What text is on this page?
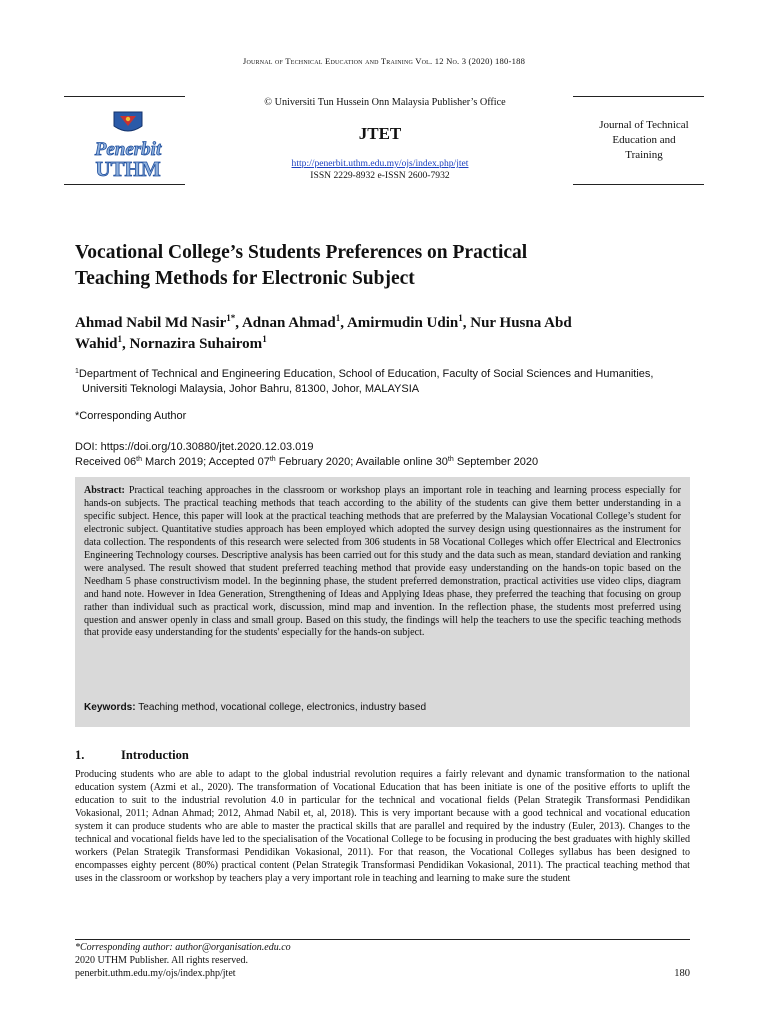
Journal of Technical Education and Training Vol. 12 No. 3 (2020) 180-188
Penerbit
UTHM
© Universiti Tun Hussein Onn Malaysia Publisher’s Office
JTET
http://penerbit.uthm.edu.my/ojs/index.php/jtet
ISSN 2229-8932 e-ISSN 2600-7932
Journal of Technical
Education and
Training
Vocational College’s Students Preferences on Practical
Teaching Methods for Electronic Subject
Ahmad Nabil Md Nasir$^{1*}$, Adnan Ahmad$^1$, Amirmudin Udin$^1$, Nur Husna Abd
Wahid$^1$, Nornazira Suhairom$^1$
$^1$Department of Technical and Engineering Education, School of Education, Faculty of Social Sciences and Humanities,
Universiti Teknologi Malaysia, Johor Bahru, 81300, Johor, MALAYSIA
*Corresponding Author
DOI: https://doi.org/10.30880/jtet.2020.12.03.019
Received 06th March 2019; Accepted 07th February 2020; Available online 30th September 2020
Abstract: Practical teaching approaches in the classroom or workshop plays an important role in teaching and learning process especially for hands-on subjects. The practical teaching methods that teach according to the ability of the students can give them better understanding in a specific subject. Hence, this paper will look at the practical teaching methods that are preferred by the Malaysian Vocational College’s student for electronic subject. Quantitative studies approach has been employed which adopted the survey design using questionnaires as the instrument for data collection. The respondents of this research were selected from 306 students in 58 Vocational Colleges which offer Electrical and Electronics Engineering Technology courses. Descriptive analysis has been carried out for this study and the data such as mean, standard deviation and ranking were analysed. The result showed that student preferred teaching method that provide easy understanding on the hands-on topic based on the Needham 5 phase constructivism model. In the beginning phase, the student preferred demonstration, practical activities use video clips, diagram and hand note. However in Idea Generation, Strengthening of Ideas and Applying Ideas phase, they preferred the teaching that focusing on group rather than individual such as practical work, discussion, mind map and invention. In the reflection phase, the students most preferred using question and answer openly in class and small group. Based on this study, the findings will help the teachers to use the specific teaching methods that provide easy understanding for the students' especially for the hands-on subject.
Keywords: Teaching method, vocational college, electronics, industry based
1.	Introduction
Producing students who are able to adapt to the global industrial revolution requires a fairly relevant and dynamic transformation to the national education system (Azmi et al., 2020). The transformation of Vocational Education that has been initiate is one of the positive efforts to uplift the education to suit to the industrial revolution 4.0 in particular for the technical and vocational fields (Pelan Strategik Transformasi Pendidikan Vokasional, 2011; Adnan Ahmad; 2012, Ahmad Nabil et, al, 2018). This is very important because with a good technical and vocational education system it can produce students who are able to master the practical skills that are parallel and required by the industry (Euler, 2013). Changes to the technical and vocational fields have led to the specialisation of the Vocational College to be focusing in producing the best graduates with highly skilled workers (Pelan Strategik Transformasi Pendidikan Vokasional, 2011). For that reason, the Vocational Colleges syllabus has been designed to encompasses eighty percent (80%) practical content (Pelan Strategik Transformasi Pendidikan Vokasional, 2011). The practical teaching method that uses in the classroom or workshop by teachers play a very important role in teaching and learning to make sure the student
*Corresponding author: author@organisation.edu.co
2020 UTHM Publisher. All rights reserved.
penerbit.uthm.edu.my/ojs/index.php/jtet	180
